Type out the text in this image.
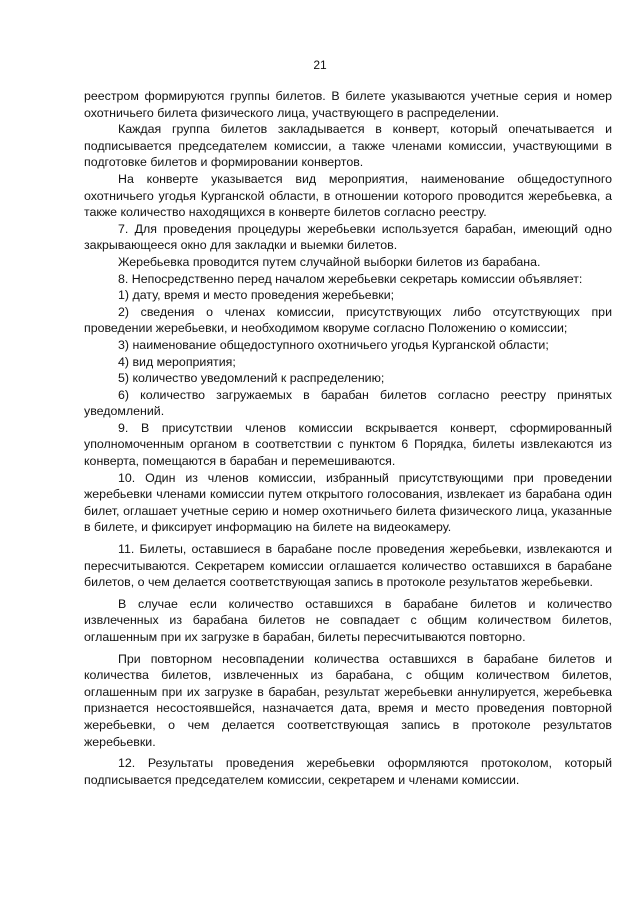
21

реестром формируются группы билетов. В билете указываются учетные серия и номер охотничьего билета физического лица, участвующего в распределении.

Каждая группа билетов закладывается в конверт, который опечатывается и подписывается председателем комиссии, а также членами комиссии, участвующими в подготовке билетов и формировании конвертов.

На конверте указывается вид мероприятия, наименование общедоступного охотничьего угодья Курганской области, в отношении которого проводится жеребьевка, а также количество находящихся в конверте билетов согласно реестру.

7. Для проведения процедуры жеребьевки используется барабан, имеющий одно закрывающееся окно для закладки и выемки билетов.

Жеребьевка проводится путем случайной выборки билетов из барабана.

8. Непосредственно перед началом жеребьевки секретарь комиссии объявляет:

1) дату, время и место проведения жеребьевки;

2) сведения о членах комиссии, присутствующих либо отсутствующих при проведении жеребьевки, и необходимом кворуме согласно Положению о комиссии;

3) наименование общедоступного охотничьего угодья Курганской области;

4) вид мероприятия;

5) количество уведомлений к распределению;

6) количество загружаемых в барабан билетов согласно реестру принятых уведомлений.

9. В присутствии членов комиссии вскрывается конверт, сформированный уполномоченным органом в соответствии с пунктом 6 Порядка, билеты извлекаются из конверта, помещаются в барабан и перемешиваются.

10. Один из членов комиссии, избранный присутствующими при проведении жеребьевки членами комиссии путем открытого голосования, извлекает из барабана один билет, оглашает учетные серию и номер охотничьего билета физического лица, указанные в билете, и фиксирует информацию на билете на видеокамеру.

11. Билеты, оставшиеся в барабане после проведения жеребьевки, извлекаются и пересчитываются. Секретарем комиссии оглашается количество оставшихся в барабане билетов, о чем делается соответствующая запись в протоколе результатов жеребьевки.

В случае если количество оставшихся в барабане билетов и количество извлеченных из барабана билетов не совпадает с общим количеством билетов, оглашенным при их загрузке в барабан, билеты пересчитываются повторно.

При повторном несовпадении количества оставшихся в барабане билетов и количества билетов, извлеченных из барабана, с общим количеством билетов, оглашенным при их загрузке в барабан, результат жеребьевки аннулируется, жеребьевка признается несостоявшейся, назначается дата, время и место проведения повторной жеребьевки, о чем делается соответствующая запись в протоколе результатов жеребьевки.

12. Результаты проведения жеребьевки оформляются протоколом, который подписывается председателем комиссии, секретарем и членами комиссии.
